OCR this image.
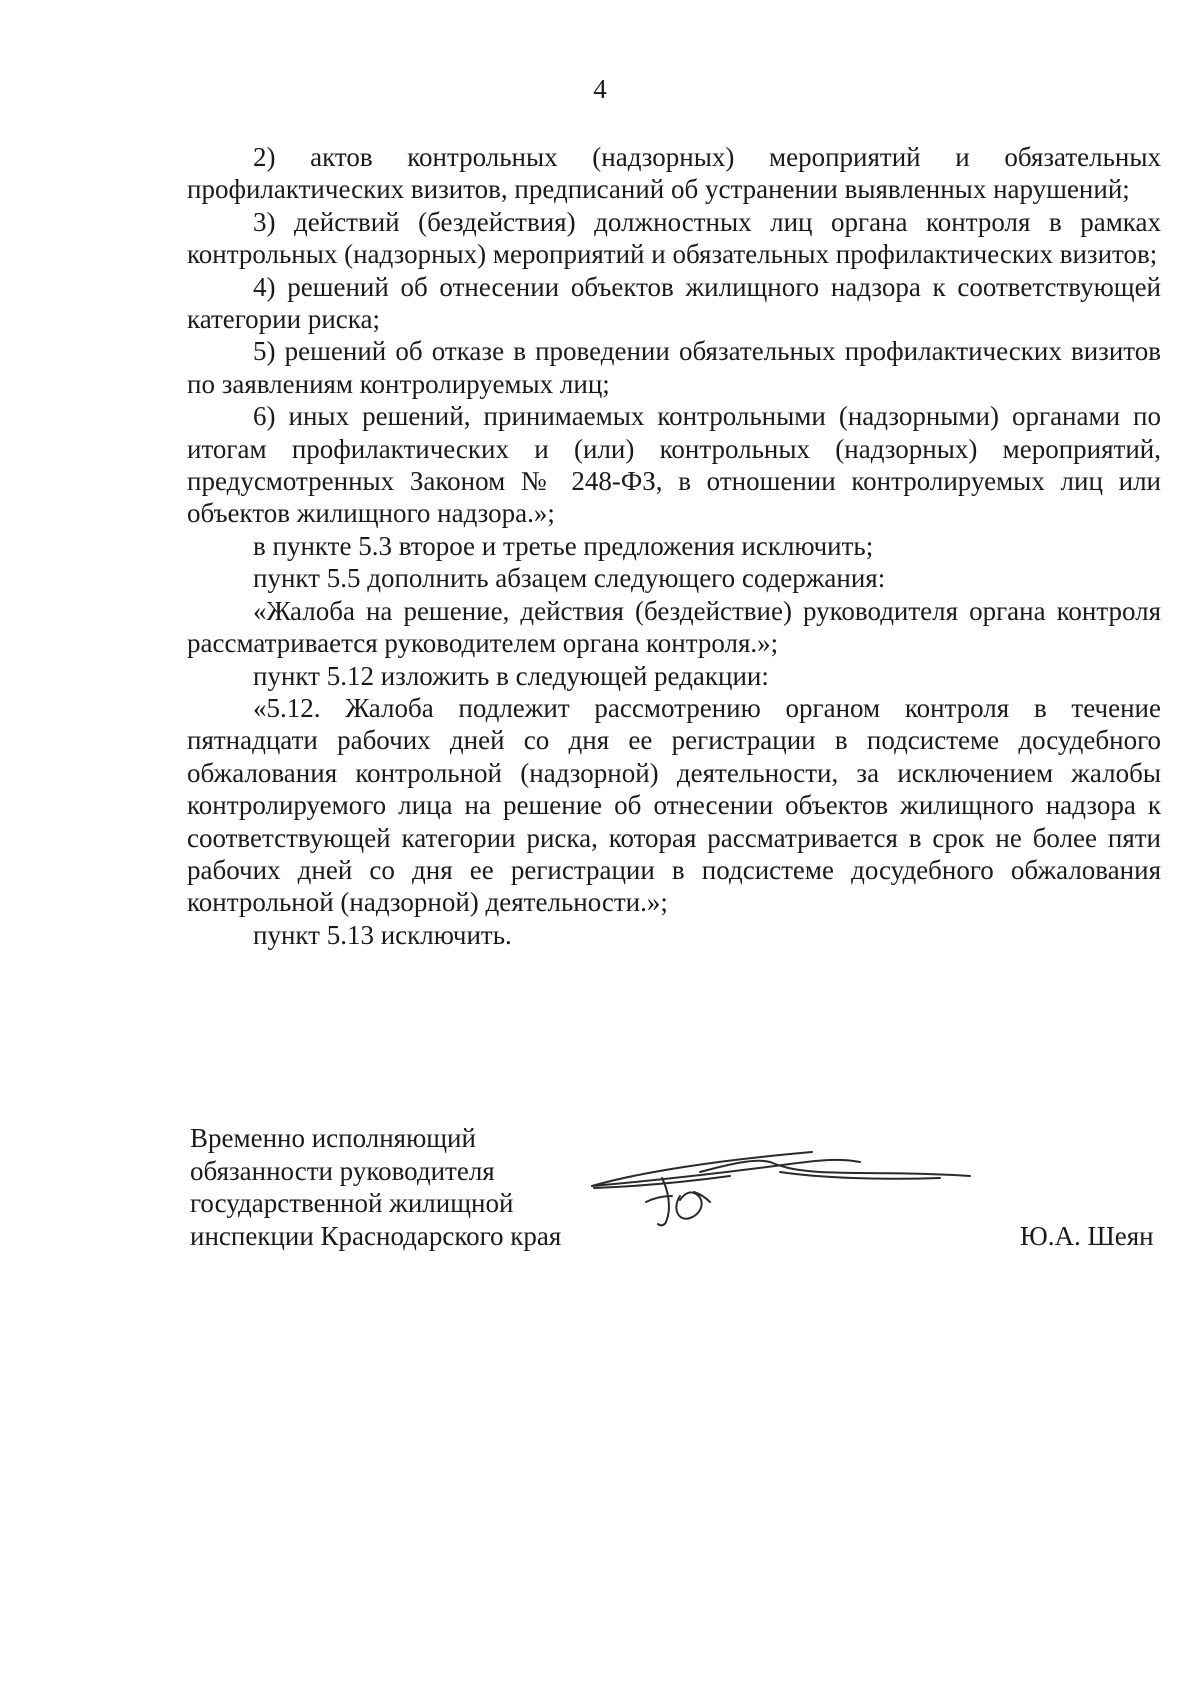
4

2) актов контрольных (надзорных) мероприятий и обязательных профилактических визитов, предписаний об устранении выявленных нарушений;

3) действий (бездействия) должностных лиц органа контроля в рамках контрольных (надзорных) мероприятий и обязательных профилактических визитов;

4) решений об отнесении объектов жилищного надзора к соответствующей категории риска;

5) решений об отказе в проведении обязательных профилактических визитов по заявлениям контролируемых лиц;

6) иных решений, принимаемых контрольными (надзорными) органами по итогам профилактических и (или) контрольных (надзорных) мероприятий, предусмотренных Законом № 248-ФЗ, в отношении контролируемых лиц или объектов жилищного надзора.»;

в пункте 5.3 второе и третье предложения исключить;

пункт 5.5 дополнить абзацем следующего содержания:

«Жалоба на решение, действия (бездействие) руководителя органа контроля рассматривается руководителем органа контроля.»;

пункт 5.12 изложить в следующей редакции:

«5.12. Жалоба подлежит рассмотрению органом контроля в течение пятнадцати рабочих дней со дня ее регистрации в подсистеме досудебного обжалования контрольной (надзорной) деятельности, за исключением жалобы контролируемого лица на решение об отнесении объектов жилищного надзора к соответствующей категории риска, которая рассматривается в срок не более пяти рабочих дней со дня ее регистрации в подсистеме досудебного обжалования контрольной (надзорной) деятельности.»;

пункт 5.13 исключить.

Временно исполняющий
обязанности руководителя
государственной жилищной
инспекции Краснодарского края	Ю.А. Шеян
